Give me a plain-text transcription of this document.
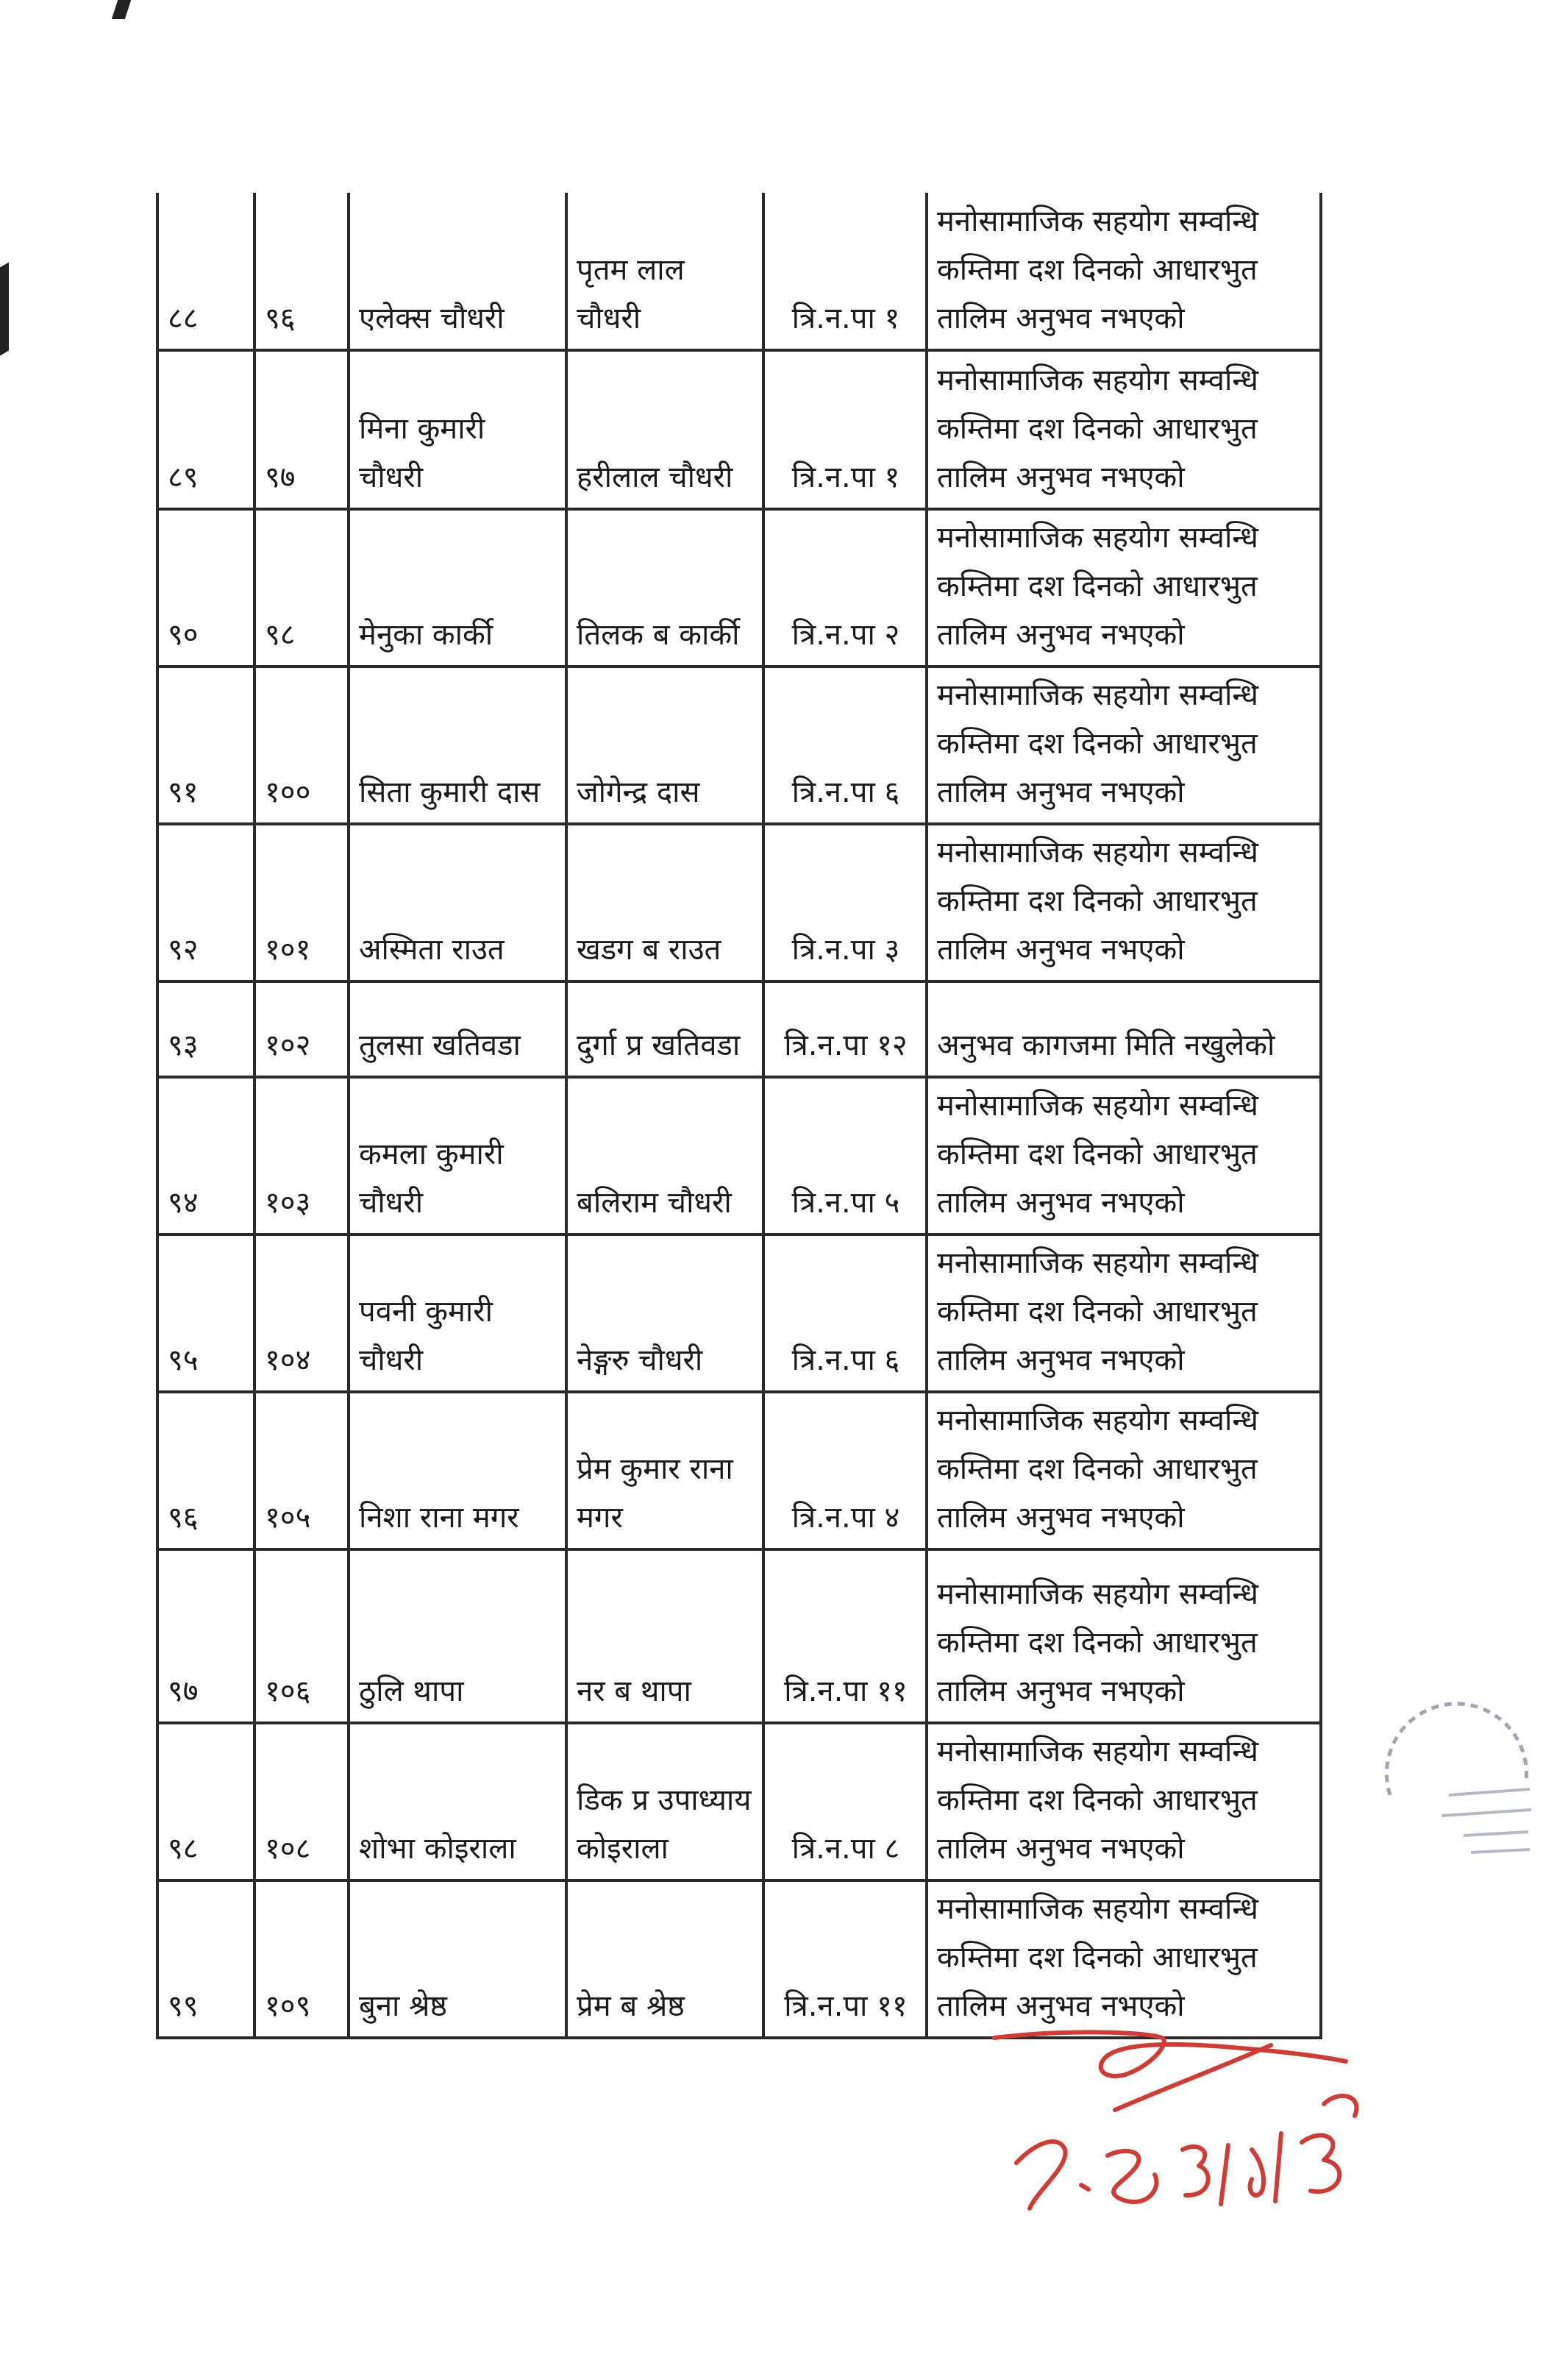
८८	९६	एलेक्स चौधरी	पृतम लाल चौधरी	त्रि.न.पा १	मनोसामाजिक सहयोग सम्वन्धि कम्तिमा दश दिनको आधारभुत तालिम अनुभव नभएको
८९	९७	मिना कुमारी चौधरी	हरीलाल चौधरी	त्रि.न.पा १	मनोसामाजिक सहयोग सम्वन्धि कम्तिमा दश दिनको आधारभुत तालिम अनुभव नभएको
९०	९८	मेनुका कार्की	तिलक ब कार्की	त्रि.न.पा २	मनोसामाजिक सहयोग सम्वन्धि कम्तिमा दश दिनको आधारभुत तालिम अनुभव नभएको
९१	१००	सिता कुमारी दास	जोगेन्द्र दास	त्रि.न.पा ६	मनोसामाजिक सहयोग सम्वन्धि कम्तिमा दश दिनको आधारभुत तालिम अनुभव नभएको
९२	१०१	अस्मिता राउत	खडग ब राउत	त्रि.न.पा ३	मनोसामाजिक सहयोग सम्वन्धि कम्तिमा दश दिनको आधारभुत तालिम अनुभव नभएको
९३	१०२	तुलसा खतिवडा	दुर्गा प्र खतिवडा	त्रि.न.पा १२	अनुभव कागजमा मिति नखुलेको
९४	१०३	कमला कुमारी चौधरी	बलिराम चौधरी	त्रि.न.पा ५	मनोसामाजिक सहयोग सम्वन्धि कम्तिमा दश दिनको आधारभुत तालिम अनुभव नभएको
९५	१०४	पवनी कुमारी चौधरी	नेङ्गरु चौधरी	त्रि.न.पा ६	मनोसामाजिक सहयोग सम्वन्धि कम्तिमा दश दिनको आधारभुत तालिम अनुभव नभएको
९६	१०५	निशा राना मगर	प्रेम कुमार राना मगर	त्रि.न.पा ४	मनोसामाजिक सहयोग सम्वन्धि कम्तिमा दश दिनको आधारभुत तालिम अनुभव नभएको
९७	१०६	ठुलि थापा	नर ब थापा	त्रि.न.पा ११	मनोसामाजिक सहयोग सम्वन्धि कम्तिमा दश दिनको आधारभुत तालिम अनुभव नभएको
९८	१०८	शोभा कोइराला	डिक प्र उपाध्याय कोइराला	त्रि.न.पा ८	मनोसामाजिक सहयोग सम्वन्धि कम्तिमा दश दिनको आधारभुत तालिम अनुभव नभएको
९९	१०९	बुना श्रेष्ठ	प्रेम ब श्रेष्ठ	त्रि.न.पा ११	मनोसामाजिक सहयोग सम्वन्धि कम्तिमा दश दिनको आधारभुत तालिम अनुभव नभएको
